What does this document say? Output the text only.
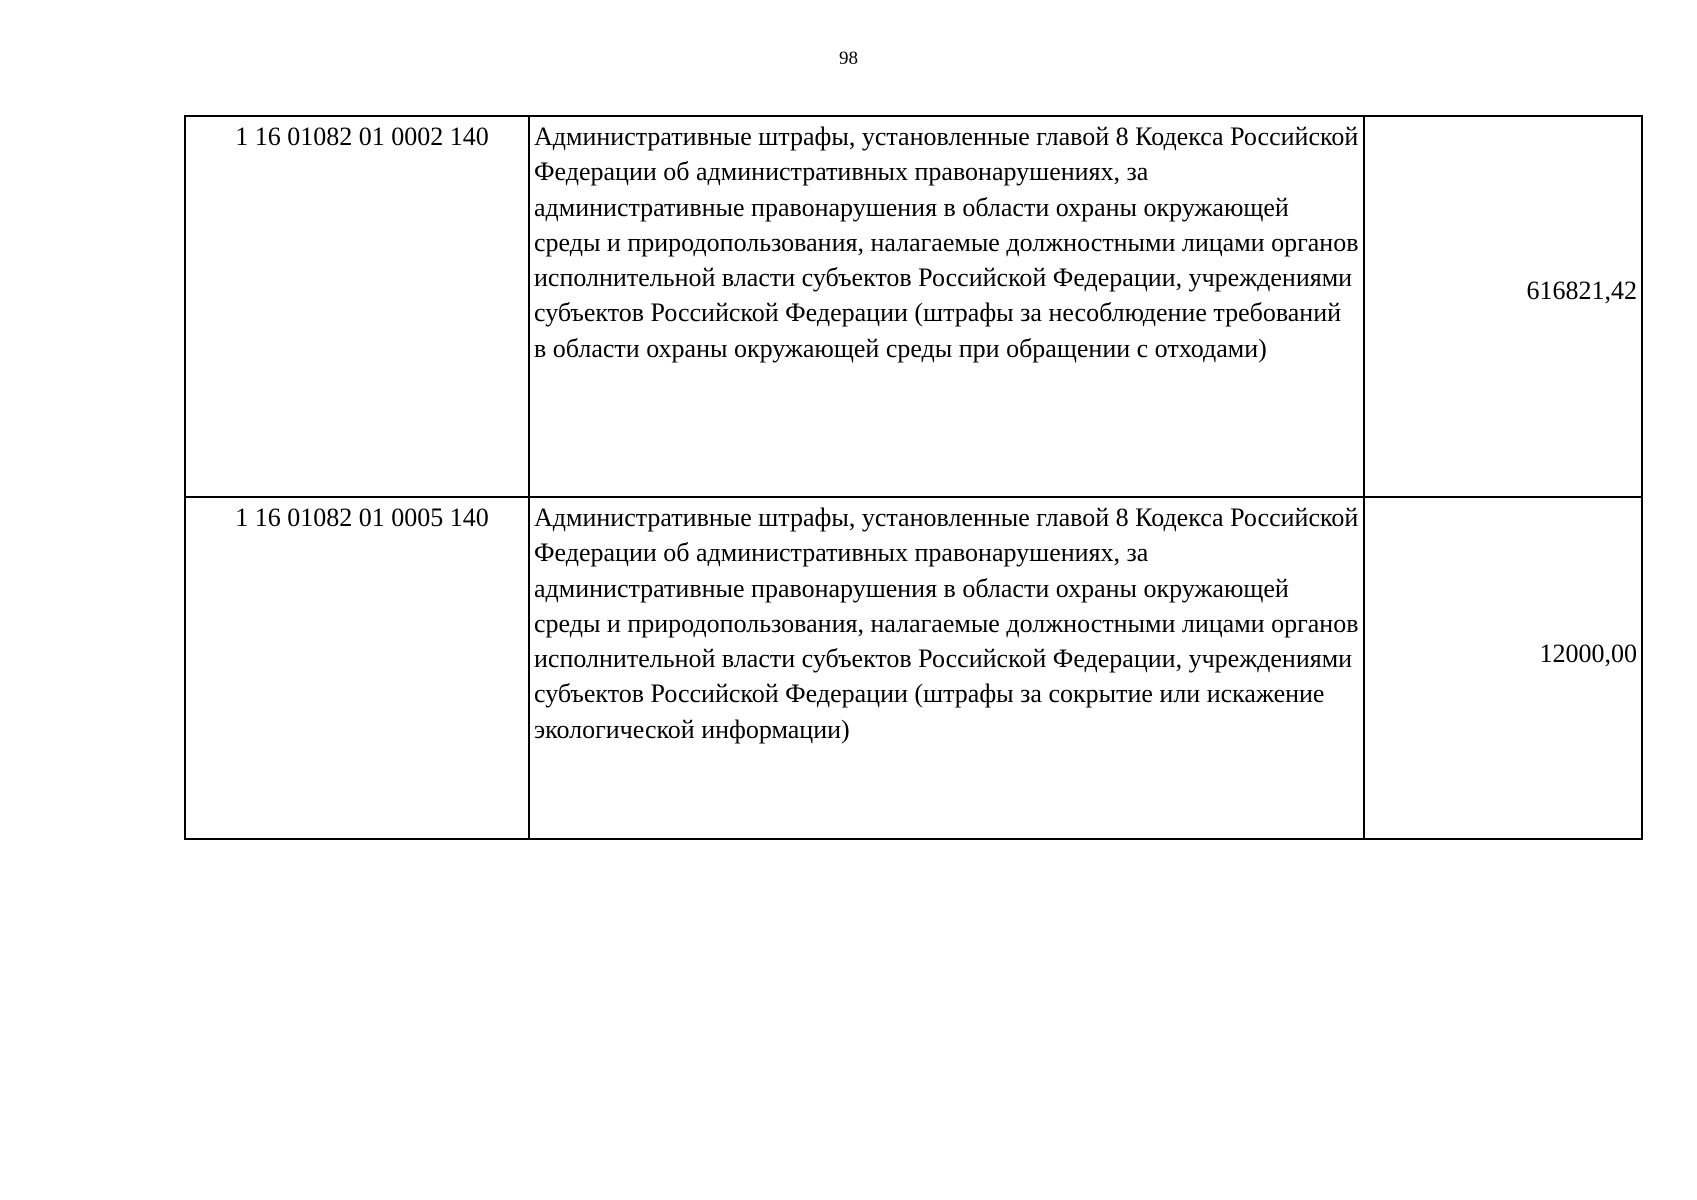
98
1 16 01082 01 0002 140	Административные штрафы, установленные главой 8 Кодекса Российской Федерации об административных правонарушениях, за административные правонарушения в области охраны окружающей среды и природопользования, налагаемые должностными лицами органов исполнительной власти субъектов Российской Федерации, учреждениями субъектов Российской Федерации (штрафы за несоблюдение требований в области охраны окружающей среды при обращении с отходами)	616821,42
1 16 01082 01 0005 140	Административные штрафы, установленные главой 8 Кодекса Российской Федерации об административных правонарушениях, за административные правонарушения в области охраны окружающей среды и природопользования, налагаемые должностными лицами органов исполнительной власти субъектов Российской Федерации, учреждениями субъектов Российской Федерации (штрафы за сокрытие или искажение экологической информации)	12000,00
